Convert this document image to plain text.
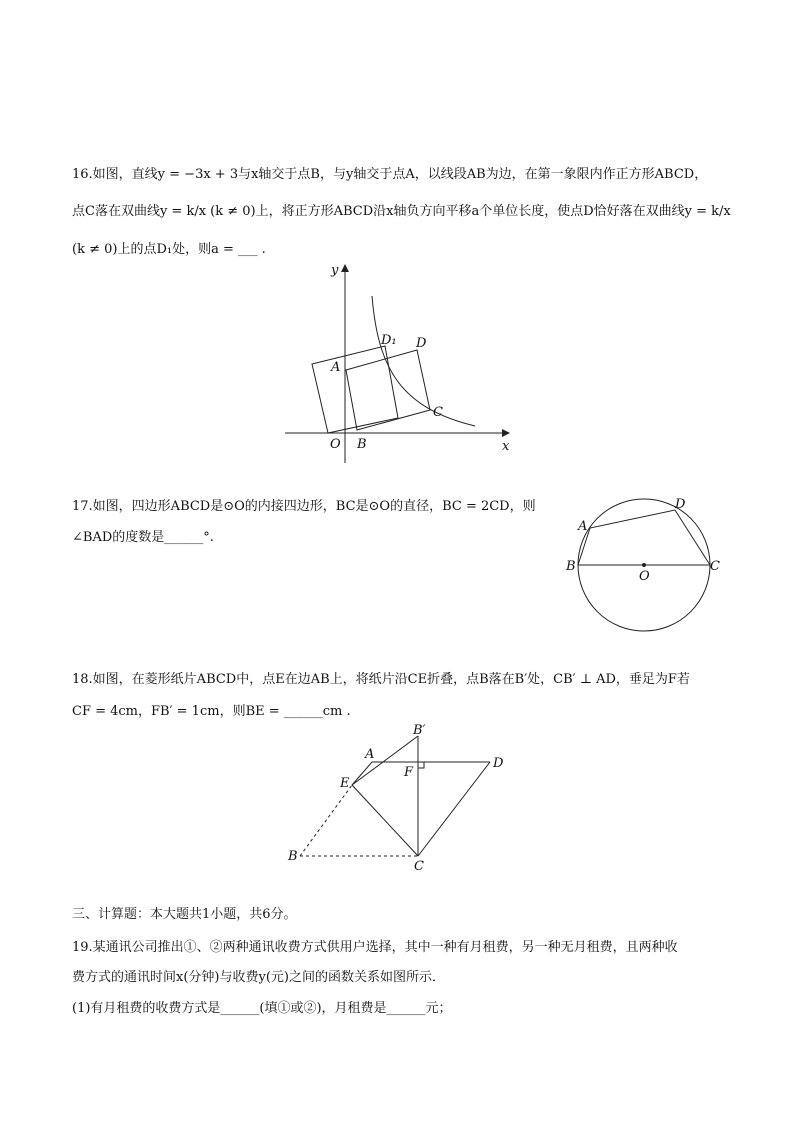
16.如图，直线y = −3x + 3与x轴交于点B，与y轴交于点A，以线段AB为边，在第一象限内作正方形ABCD，
点C落在双曲线y = k/x (k ≠ 0)上，将正方形ABCD沿x轴负方向平移a个单位长度，使点D恰好落在双曲线y = k/x
(k ≠ 0)上的点D₁处，则a = ___ .
y
x
O B
A
D₁ D
C
17.如图，四边形ABCD是⊙O的内接四边形，BC是⊙O的直径，BC = 2CD，则
∠BAD的度数是______°.
A
B	C
D
O
18.如图，在菱形纸片ABCD中，点E在边AB上，将纸片沿CE折叠，点B落在B′处，CB′ ⊥ AD，垂足为F若
CF = 4cm，FB′ = 1cm，则BE = ______cm .
A
B′
D
E
F
B
C
三、计算题：本大题共1小题，共6分。
19.某通讯公司推出①、②两种通讯收费方式供用户选择，其中一种有月租费，另一种无月租费，且两种收
费方式的通讯时间x(分钟)与收费y(元)之间的函数关系如图所示．
(1)有月租费的收费方式是______(填①或②)，月租费是______元；
